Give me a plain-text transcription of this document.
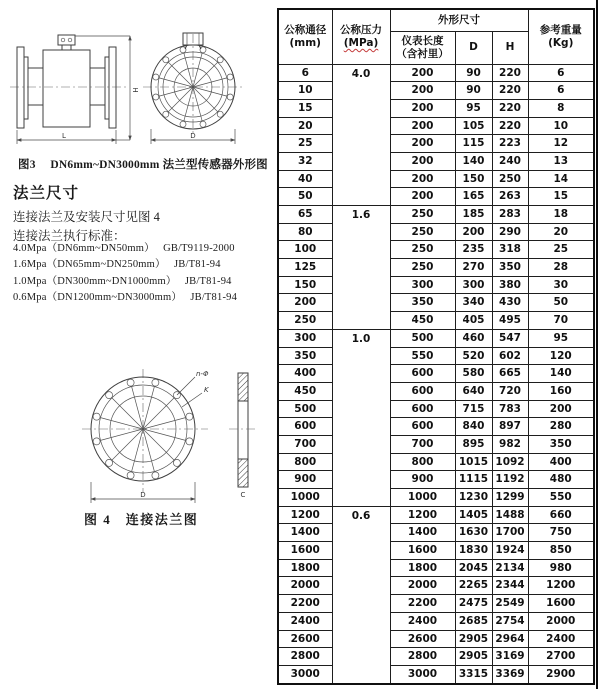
L
H
D
图3　 DN6mm~DN3000mm 法兰型传感器外形图
法兰尺寸
连接法兰及安装尺寸见图 4
连接法兰执行标准：
4.0Mpa（DN6mm~DN50mm）　 GB/T9119-2000
1.6Mpa（DN65mm~DN250mm）　 JB/T81-94
1.0Mpa（DN300mm~DN1000mm）　 JB/T81-94
0.6Mpa（DN1200mm~DN3000mm）　 JB/T81-94
n-Φ
K
D	C
图 4　连接法兰图
公称通径
(mm)

公称压力
(MPa)
	外形尺寸	
参考重量
(Kg)

		仪表长度
（含衬里）	D	H	
6	4.0	200	90	220	6
10		200	90	220	6
15		200	95	220	8
20		200	105	220	10
25		200	115	223	12
32		200	140	240	13
40		200	150	250	14
50		200	165	263	15
65	1.6	250	185	283	18
80		250	200	290	20
100		250	235	318	25
125		250	270	350	28
150		300	300	380	30
200		350	340	430	50
250		450	405	495	70
300	1.0	500	460	547	95
350		550	520	602	120
400		600	580	665	140
450		600	640	720	160
500		600	715	783	200
600		600	840	897	280
700		700	895	982	350
800		800	1015	1092	400
900		900	1115	1192	480
1000		1000	1230	1299	550
1200	0.6	1200	1405	1488	660
1400		1400	1630	1700	750
1600		1600	1830	1924	850
1800		1800	2045	2134	980
2000		2000	2265	2344	1200
2200		2200	2475	2549	1600
2400		2400	2685	2754	2000
2600		2600	2905	2964	2400
2800		2800	2905	3169	2700
3000		3000	3315	3369	2900
